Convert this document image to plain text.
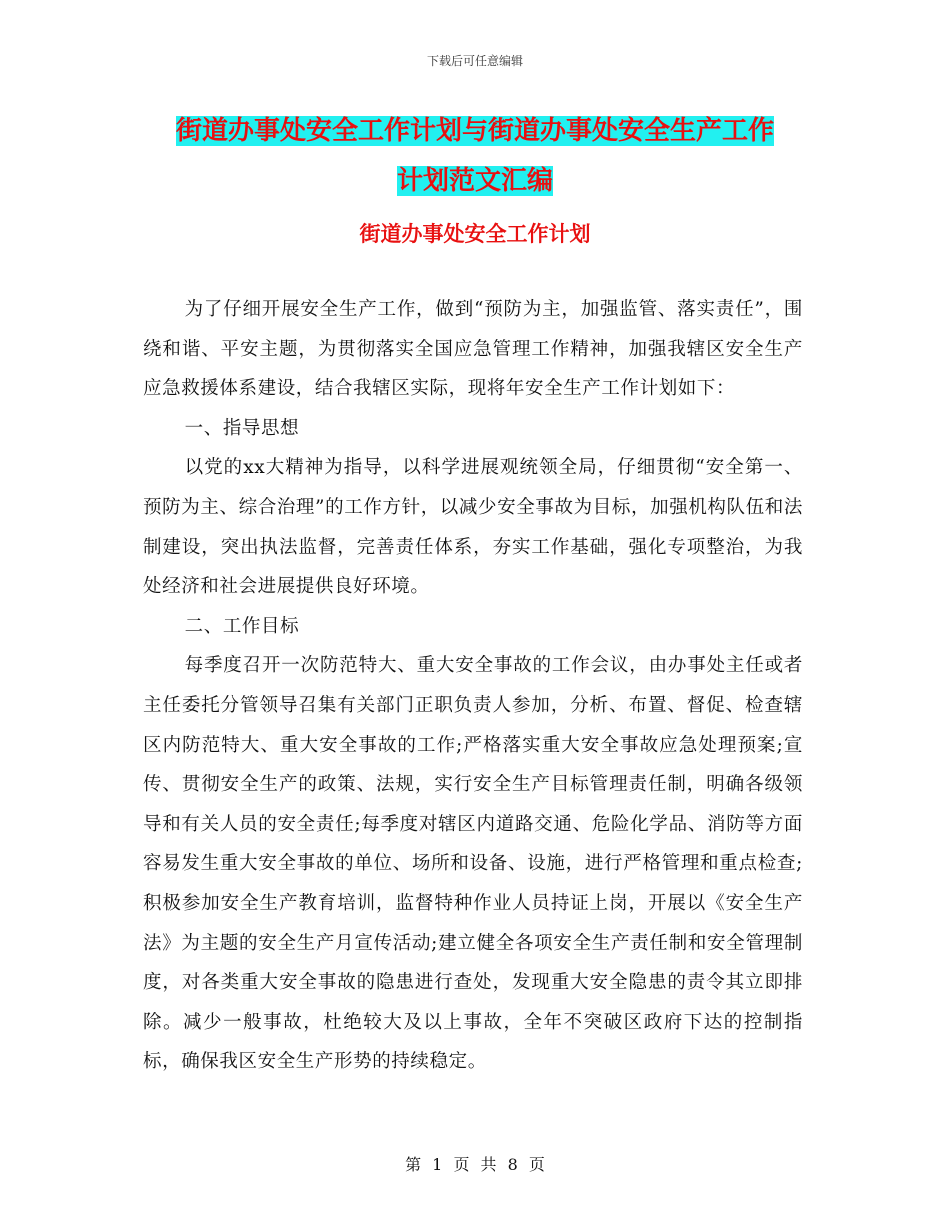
下载后可任意编辑
街道办事处安全工作计划与街道办事处安全生产工作
计划范文汇编
街道办事处安全工作计划

为了仔细开展安全生产工作，做到“预防为主，加强监管、落实责任”，围绕和谐、平安主题，为贯彻落实全国应急管理工作精神，加强我辖区安全生产应急救援体系建设，结合我辖区实际，现将年安全生产工作计划如下：

一、指导思想

以党的xx大精神为指导，以科学进展观统领全局，仔细贯彻“安全第一、预防为主、综合治理”的工作方针，以减少安全事故为目标，加强机构队伍和法制建设，突出执法监督，完善责任体系，夯实工作基础，强化专项整治，为我处经济和社会进展提供良好环境。

二、工作目标

每季度召开一次防范特大、重大安全事故的工作会议，由办事处主任或者主任委托分管领导召集有关部门正职负责人参加，分析、布置、督促、检查辖区内防范特大、重大安全事故的工作;严格落实重大安全事故应急处理预案;宣传、贯彻安全生产的政策、法规，实行安全生产目标管理责任制，明确各级领导和有关人员的安全责任;每季度对辖区内道路交通、危险化学品、消防等方面容易发生重大安全事故的单位、场所和设备、设施，进行严格管理和重点检查;积极参加安全生产教育培训，监督特种作业人员持证上岗，开展以《安全生产法》为主题的安全生产月宣传活动;建立健全各项安全生产责任制和安全管理制度，对各类重大安全事故的隐患进行查处，发现重大安全隐患的责令其立即排除。减少一般事故，杜绝较大及以上事故，全年不突破区政府下达的控制指标，确保我区安全生产形势的持续稳定。

第 1 页 共 8 页
